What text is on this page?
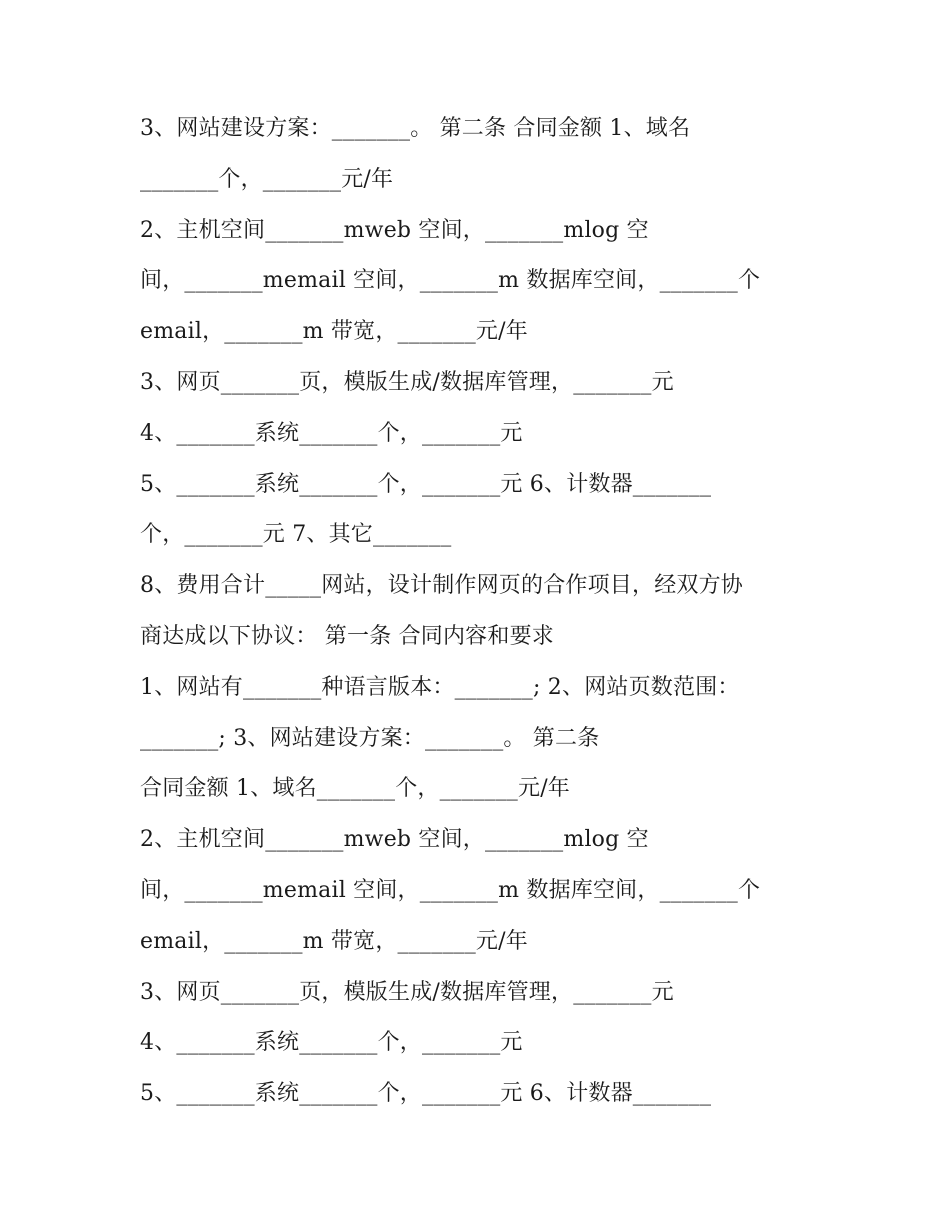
3、网站建设方案：_______。 第二条 合同金额 1、域名
_______个，_______元/年
2、主机空间_______mweb 空间，_______mlog 空
间，_______memail 空间，_______m 数据库空间，_______个
email，_______m 带宽，_______元/年
3、网页_______页，模版生成/数据库管理，_______元
4、_______系统_______个，_______元
5、_______系统_______个，_______元 6、计数器_______
个，_______元 7、其它_______
8、费用合计_____网站，设计制作网页的合作项目，经双方协
商达成以下协议： 第一条 合同内容和要求
1、网站有_______种语言版本：_______; 2、网站页数范围：
_______; 3、网站建设方案：_______。 第二条
合同金额 1、域名_______个，_______元/年
2、主机空间_______mweb 空间，_______mlog 空
间，_______memail 空间，_______m 数据库空间，_______个
email，_______m 带宽，_______元/年
3、网页_______页，模版生成/数据库管理，_______元
4、_______系统_______个，_______元
5、_______系统_______个，_______元 6、计数器_______
